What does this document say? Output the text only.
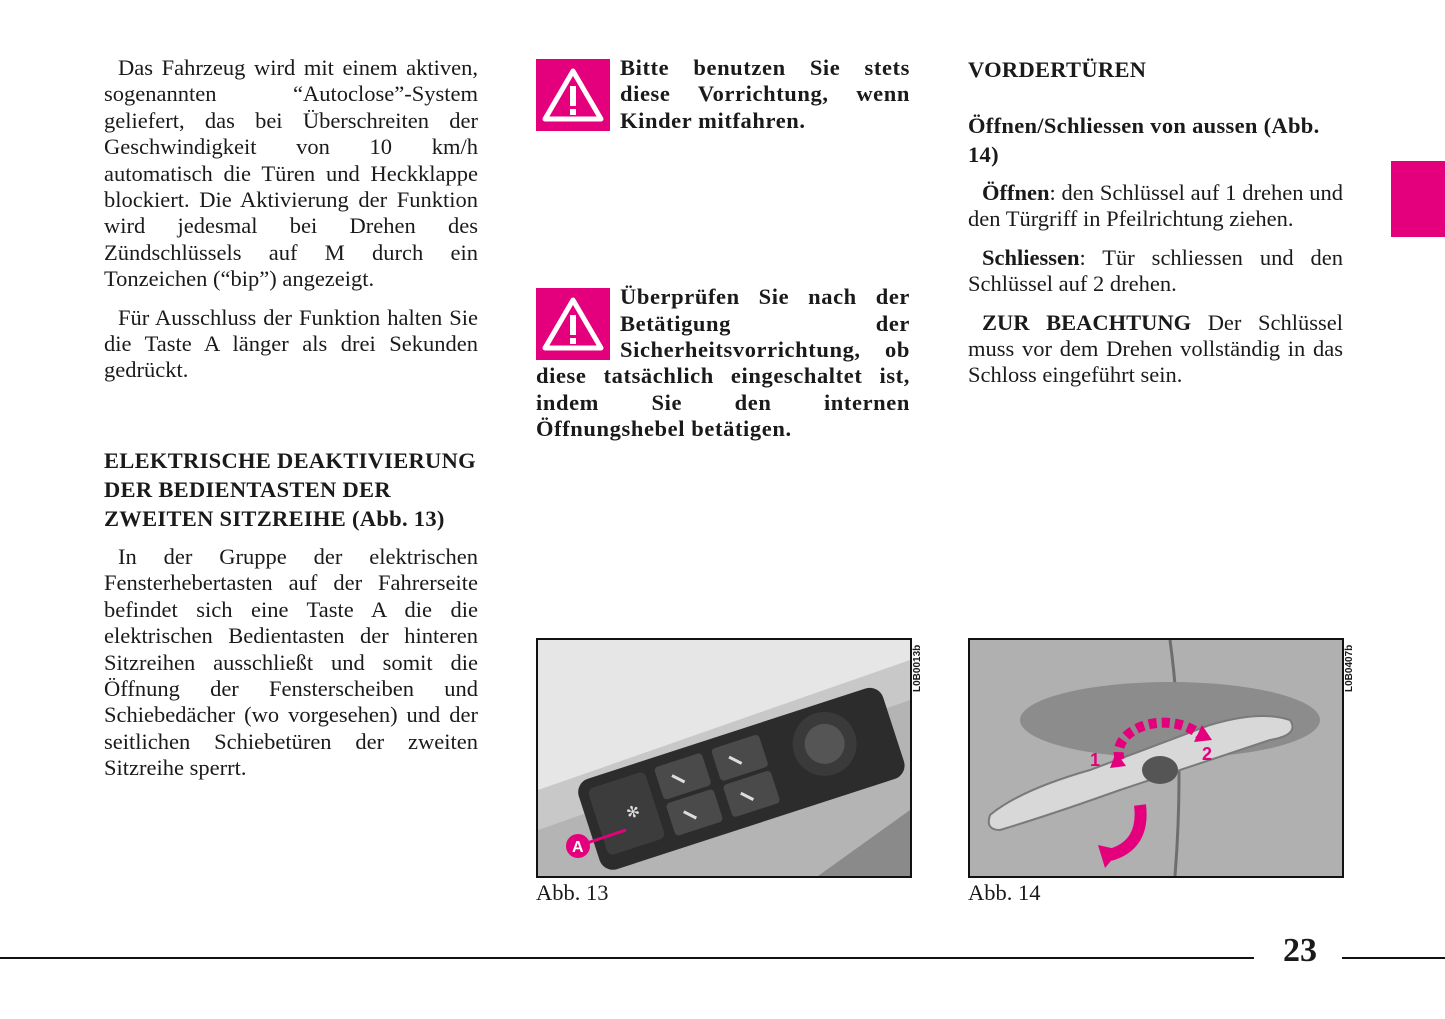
Das Fahrzeug wird mit einem aktiven, sogenannten “Autoclose”-System geliefert, das bei Überschreiten der Geschwindigkeit von 10 km/h automatisch die Türen und Heckklappe blockiert. Die Aktivierung der Funktion wird jedesmal bei Drehen des Zündschlüssels auf M durch ein Tonzeichen (“bip”) angezeigt.

Für Ausschluss der Funktion halten Sie die Taste A länger als drei Sekunden gedrückt.

ELEKTRISCHE DEAKTIVIERUNG DER BEDIENTASTEN DER ZWEITEN SITZREIHE (Abb. 13)

In der Gruppe der elektrischen Fensterhebertasten auf der Fahrerseite befindet sich eine Taste A die die elektrischen Bedientasten der hinteren Sitzreihen ausschließt und somit die Öffnung der Fensterscheiben und Schiebedächer (wo vorgesehen) und der seitlichen Schiebetüren der zweiten Sitzreihe sperrt.

Bitte benutzen Sie stets diese Vorrichtung, wenn Kinder mitfahren.
Überprüfen Sie nach der Betätigung der Sicherheitsvorrichtung, ob diese tatsächlich eingeschaltet ist, indem Sie den internen Öffnungshebel betätigen.
VORDERTÜREN
Öffnen/Schliessen von aussen (Abb. 14)

Öffnen: den Schlüssel auf 1 drehen und den Türgriff in Pfeilrichtung ziehen.

Schliessen: Tür schliessen und den Schlüssel auf 2 drehen.

ZUR BEACHTUNG Der Schlüssel muss vor dem Drehen vollständig in das Schloss eingeführt sein.

✻
A
L0B0013b
Abb. 13
1	2
L0B0407b
Abb. 14
23
